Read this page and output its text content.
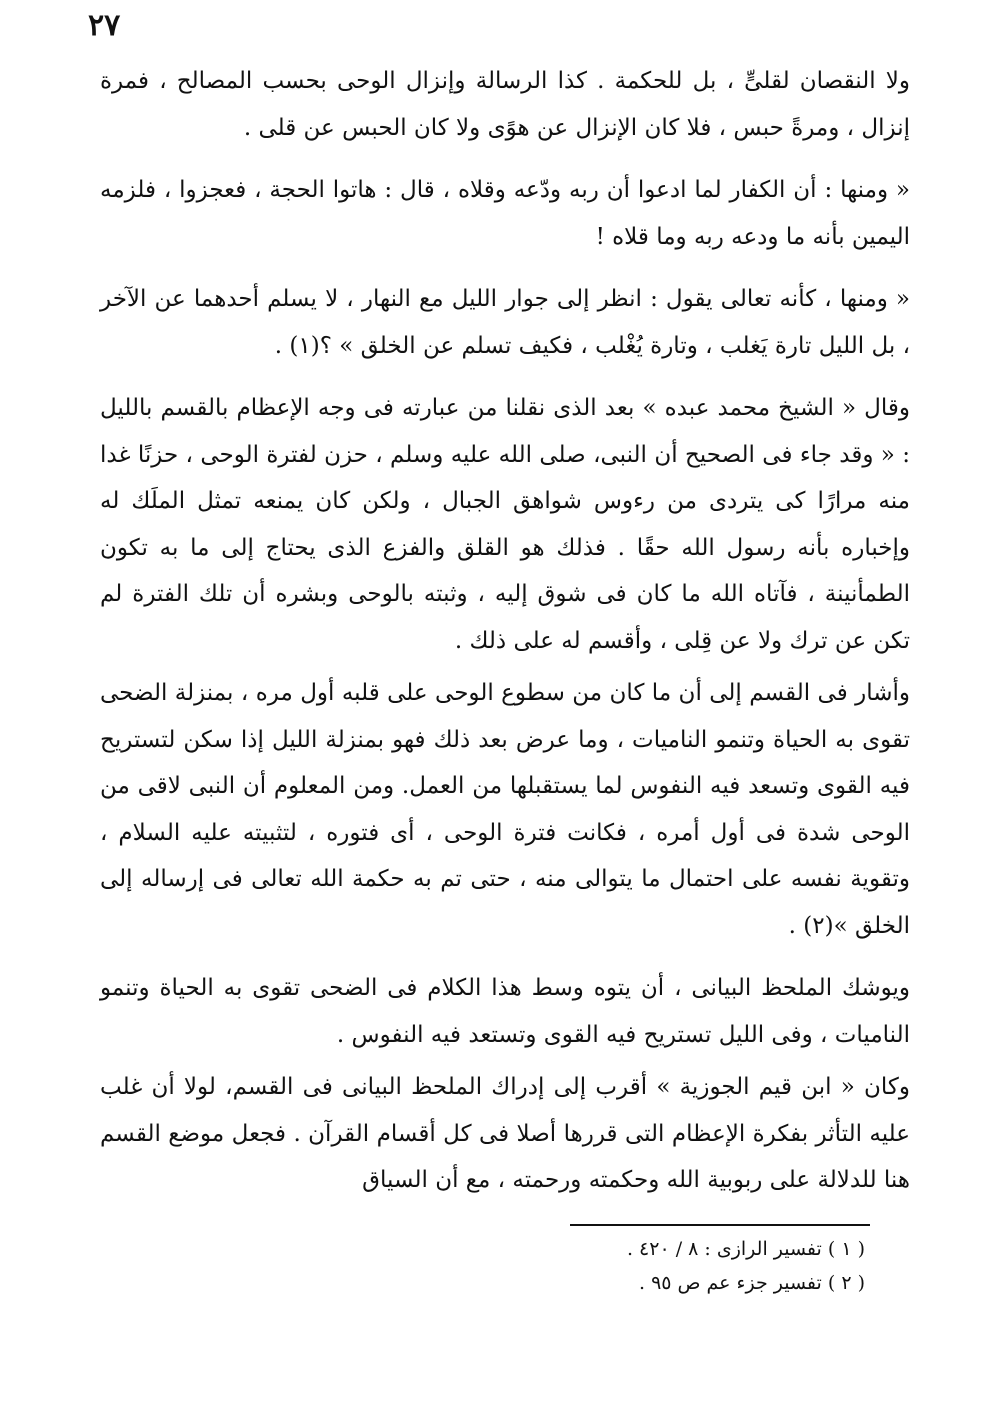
٢٧

ولا النقصان لقلىٍّ ، بل للحكمة . كذا الرسالة وإنزال الوحى بحسب المصالح ، فمرة إنزال ، ومرةً حبس ، فلا كان الإنزال عن هوًى ولا كان الحبس عن قلى .

« ومنها : أن الكفار لما ادعوا أن ربه ودّعه وقلاه ، قال : هاتوا الحجة ، فعجزوا ، فلزمه اليمين بأنه ما ودعه ربه وما قلاه !

« ومنها ، كأنه تعالى يقول : انظر إلى جوار الليل مع النهار ، لا يسلم أحدهما عن الآخر ، بل الليل تارة يَغلب ، وتارة يُغْلب ، فكيف تسلم عن الخلق » ؟(١) .

وقال « الشيخ محمد عبده » بعد الذى نقلنا من عبارته فى وجه الإعظام بالقسم بالليل : « وقد جاء فى الصحيح أن النبى، صلى الله عليه وسلم ، حزن لفترة الوحى ، حزنًا غدا منه مرارًا كى يتردى من رءوس شواهق الجبال ، ولكن كان يمنعه تمثل الملَك له وإخباره بأنه رسول الله حقًا . فذلك هو القلق والفزع الذى يحتاج إلى ما به تكون الطمأنينة ، فآتاه الله ما كان فى شوق إليه ، وثبته بالوحى وبشره أن تلك الفترة لم تكن عن ترك ولا عن قِلى ، وأقسم له على ذلك .

وأشار فى القسم إلى أن ما كان من سطوع الوحى على قلبه أول مره ، بمنزلة الضحى تقوى به الحياة وتنمو الناميات ، وما عرض بعد ذلك فهو بمنزلة الليل إذا سكن لتستريح فيه القوى وتسعد فيه النفوس لما يستقبلها من العمل. ومن المعلوم أن النبى لاقى من الوحى شدة فى أول أمره ، فكانت فترة الوحى ، أى فتوره ، لتثبيته عليه السلام ، وتقوية نفسه على احتمال ما يتوالى منه ، حتى تم به حكمة الله تعالى فى إرساله إلى الخلق »(٢) .

ويوشك الملحظ البيانى ، أن يتوه وسط هذا الكلام فى الضحى تقوى به الحياة وتنمو الناميات ، وفى الليل تستريح فيه القوى وتستعد فيه النفوس .

وكان « ابن قيم الجوزية » أقرب إلى إدراك الملحظ البيانى فى القسم، لولا أن غلب عليه التأثر بفكرة الإعظام التى قررها أصلا فى كل أقسام القرآن . فجعل موضع القسم هنا للدلالة على ربوبية الله وحكمته ورحمته ، مع أن السياق

( ١ ) تفسير الرازى : ٨ / ٤٢٠ .

( ٢ ) تفسير جزء عم ص ٩٥ .
